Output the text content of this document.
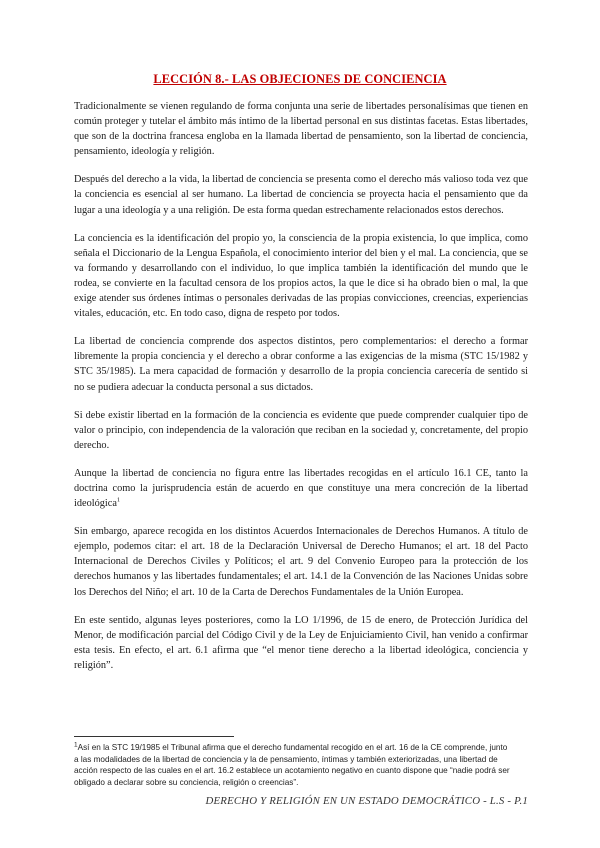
LECCIÓN 8.- LAS OBJECIONES DE CONCIENCIA

Tradicionalmente se vienen regulando de forma conjunta una serie de libertades personalísimas que tienen en común proteger y tutelar el ámbito más íntimo de la libertad personal en sus distintas facetas. Estas libertades, que son de la doctrina francesa engloba en la llamada libertad de pensamiento, son la libertad de conciencia, pensamiento, ideología y religión.

Después del derecho a la vida, la libertad de conciencia se presenta como el derecho más valioso toda vez que la conciencia es esencial al ser humano. La libertad de conciencia se proyecta hacia el pensamiento que da lugar a una ideología y a una religión. De esta forma quedan estrechamente relacionados estos derechos.

La conciencia es la identificación del propio yo, la consciencia de la propia existencia, lo que implica, como señala el Diccionario de la Lengua Española, el conocimiento interior del bien y el mal. La conciencia, que se va formando y desarrollando con el individuo, lo que implica también la identificación del mundo que le rodea, se convierte en la facultad censora de los propios actos, la que le dice si ha obrado bien o mal, la que exige atender sus órdenes íntimas o personales derivadas de las propias convicciones, creencias, experiencias vitales, educación, etc. En todo caso, digna de respeto por todos.

La libertad de conciencia comprende dos aspectos distintos, pero complementarios: el derecho a formar libremente la propia conciencia y el derecho a obrar conforme a las exigencias de la misma (STC 15/1982 y STC 35/1985). La mera capacidad de formación y desarrollo de la propia conciencia carecería de sentido si no se pudiera adecuar la conducta personal a sus dictados.

Si debe existir libertad en la formación de la conciencia es evidente que puede comprender cualquier tipo de valor o principio, con independencia de la valoración que reciban en la sociedad y, concretamente, del propio derecho.

Aunque la libertad de conciencia no figura entre las libertades recogidas en el artículo 16.1 CE, tanto la doctrina como la jurisprudencia están de acuerdo en que constituye una mera concreción de la libertad ideológica$^1$

Sin embargo, aparece recogida en los distintos Acuerdos Internacionales de Derechos Humanos. A título de ejemplo, podemos citar: el art. 18 de la Declaración Universal de Derecho Humanos; el art. 18 del Pacto Internacional de Derechos Civiles y Políticos; el art. 9 del Convenio Europeo para la protección de los derechos humanos y las libertades fundamentales; el art. 14.1 de la Convención de las Naciones Unidas sobre los Derechos del Niño; el art. 10 de la Carta de Derechos Fundamentales de la Unión Europea.

En este sentido, algunas leyes posteriores, como la LO 1/1996, de 15 de enero, de Protección Jurídica del Menor, de modificación parcial del Código Civil y de la Ley de Enjuiciamiento Civil, han venido a confirmar esta tesis. En efecto, el art. 6.1 afirma que “el menor tiene derecho a la libertad ideológica, conciencia y religión”.

$^1$Así en la STC 19/1985 el Tribunal afirma que el derecho fundamental recogido en el art. 16 de la CE comprende, junto a las modalidades de la libertad de conciencia y la de pensamiento, íntimas y también exteriorizadas, una libertad de acción respecto de las cuales en el art. 16.2 establece un acotamiento negativo en cuanto dispone que “nadie podrá ser obligado a declarar sobre su conciencia, religión o creencias”.
DERECHO Y RELIGIÓN EN UN ESTADO DEMOCRÁTICO - L.S - P.1
